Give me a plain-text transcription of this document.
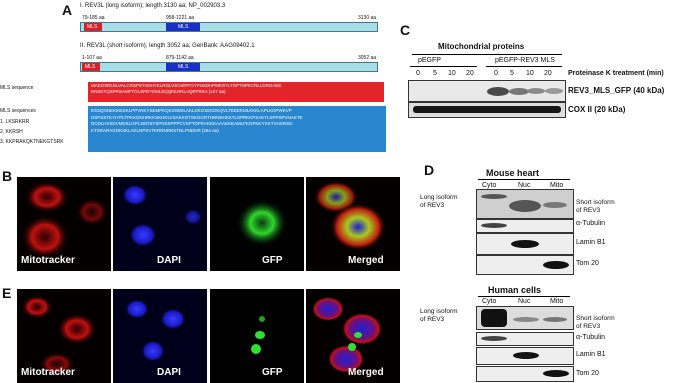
A I. REV3L (long isoform); length 3130 aa; NP_002903.3
79-185 aa	958-1221 aa
MLS	MLS
3130 aa
II. REV3L (short isoform); length 3052 aa; GenBank: AAG09402.1
1-107 aa	879-1142 aa
MLS	MLS
3052 aa
MLS sequence	MAEGSRLELVALCRSPSTADHYKLRGLVSGMPFGYFNSDHPMKSYLTSPTNPKCRLLDRGAEE NNSKTQSPRSAMFTGLSPEYDNLSQQNLNRLAQRFRKA (107 aa)
MLS sequences
1. LKSRKRR
2. KKRSH
3. KKPRAKQKTNEKGTSRK
ESSQNNEKMSSKLPPVNKYSEMPKQKSWNILAKLDKGSEKDKQVLTEEEKMLKKKLAPLKDPWKVP DSPSSTKYIYPLTPKKDNHRKKSKHKLVSAKKGTSKGGRTHNNEHKKTLSPRKKPSAKTLSPPSPVNAETE DCDLHVSDVMDKLGPLSERSTSPNSSPPPCVSPTDPRAKEEAAAEKEAMLFKGPNVYKKTVHSRSG KTSRARAGDKSKLAKLNPSVTKRRNRNSTNLPNDDR (264 aa)
B
Mitotracker	DAPI	GFP	Merged
E
Mitotracker	DAPI	GFP	Merged
C
Mitochondrial proteins
pEGFP	pEGFP-REV3 MLS
0 5 10 20	0 5 10 20 Proteinase K treatment (min)
REV3_MLS_GFP (40 kDa)
COX II (20 kDa)
D	Mouse heart
Cyto	Nuc	Mito
Long isoform
of REV3	Short isoform
of REV3
α-Tubulin
Lamin B1
Tom 20
Human cells
Cyto	Nuc	Mito
Long isoform
of REV3	Short isoform
of REV3
α-Tubulin
Lamin B1
Tom 20
